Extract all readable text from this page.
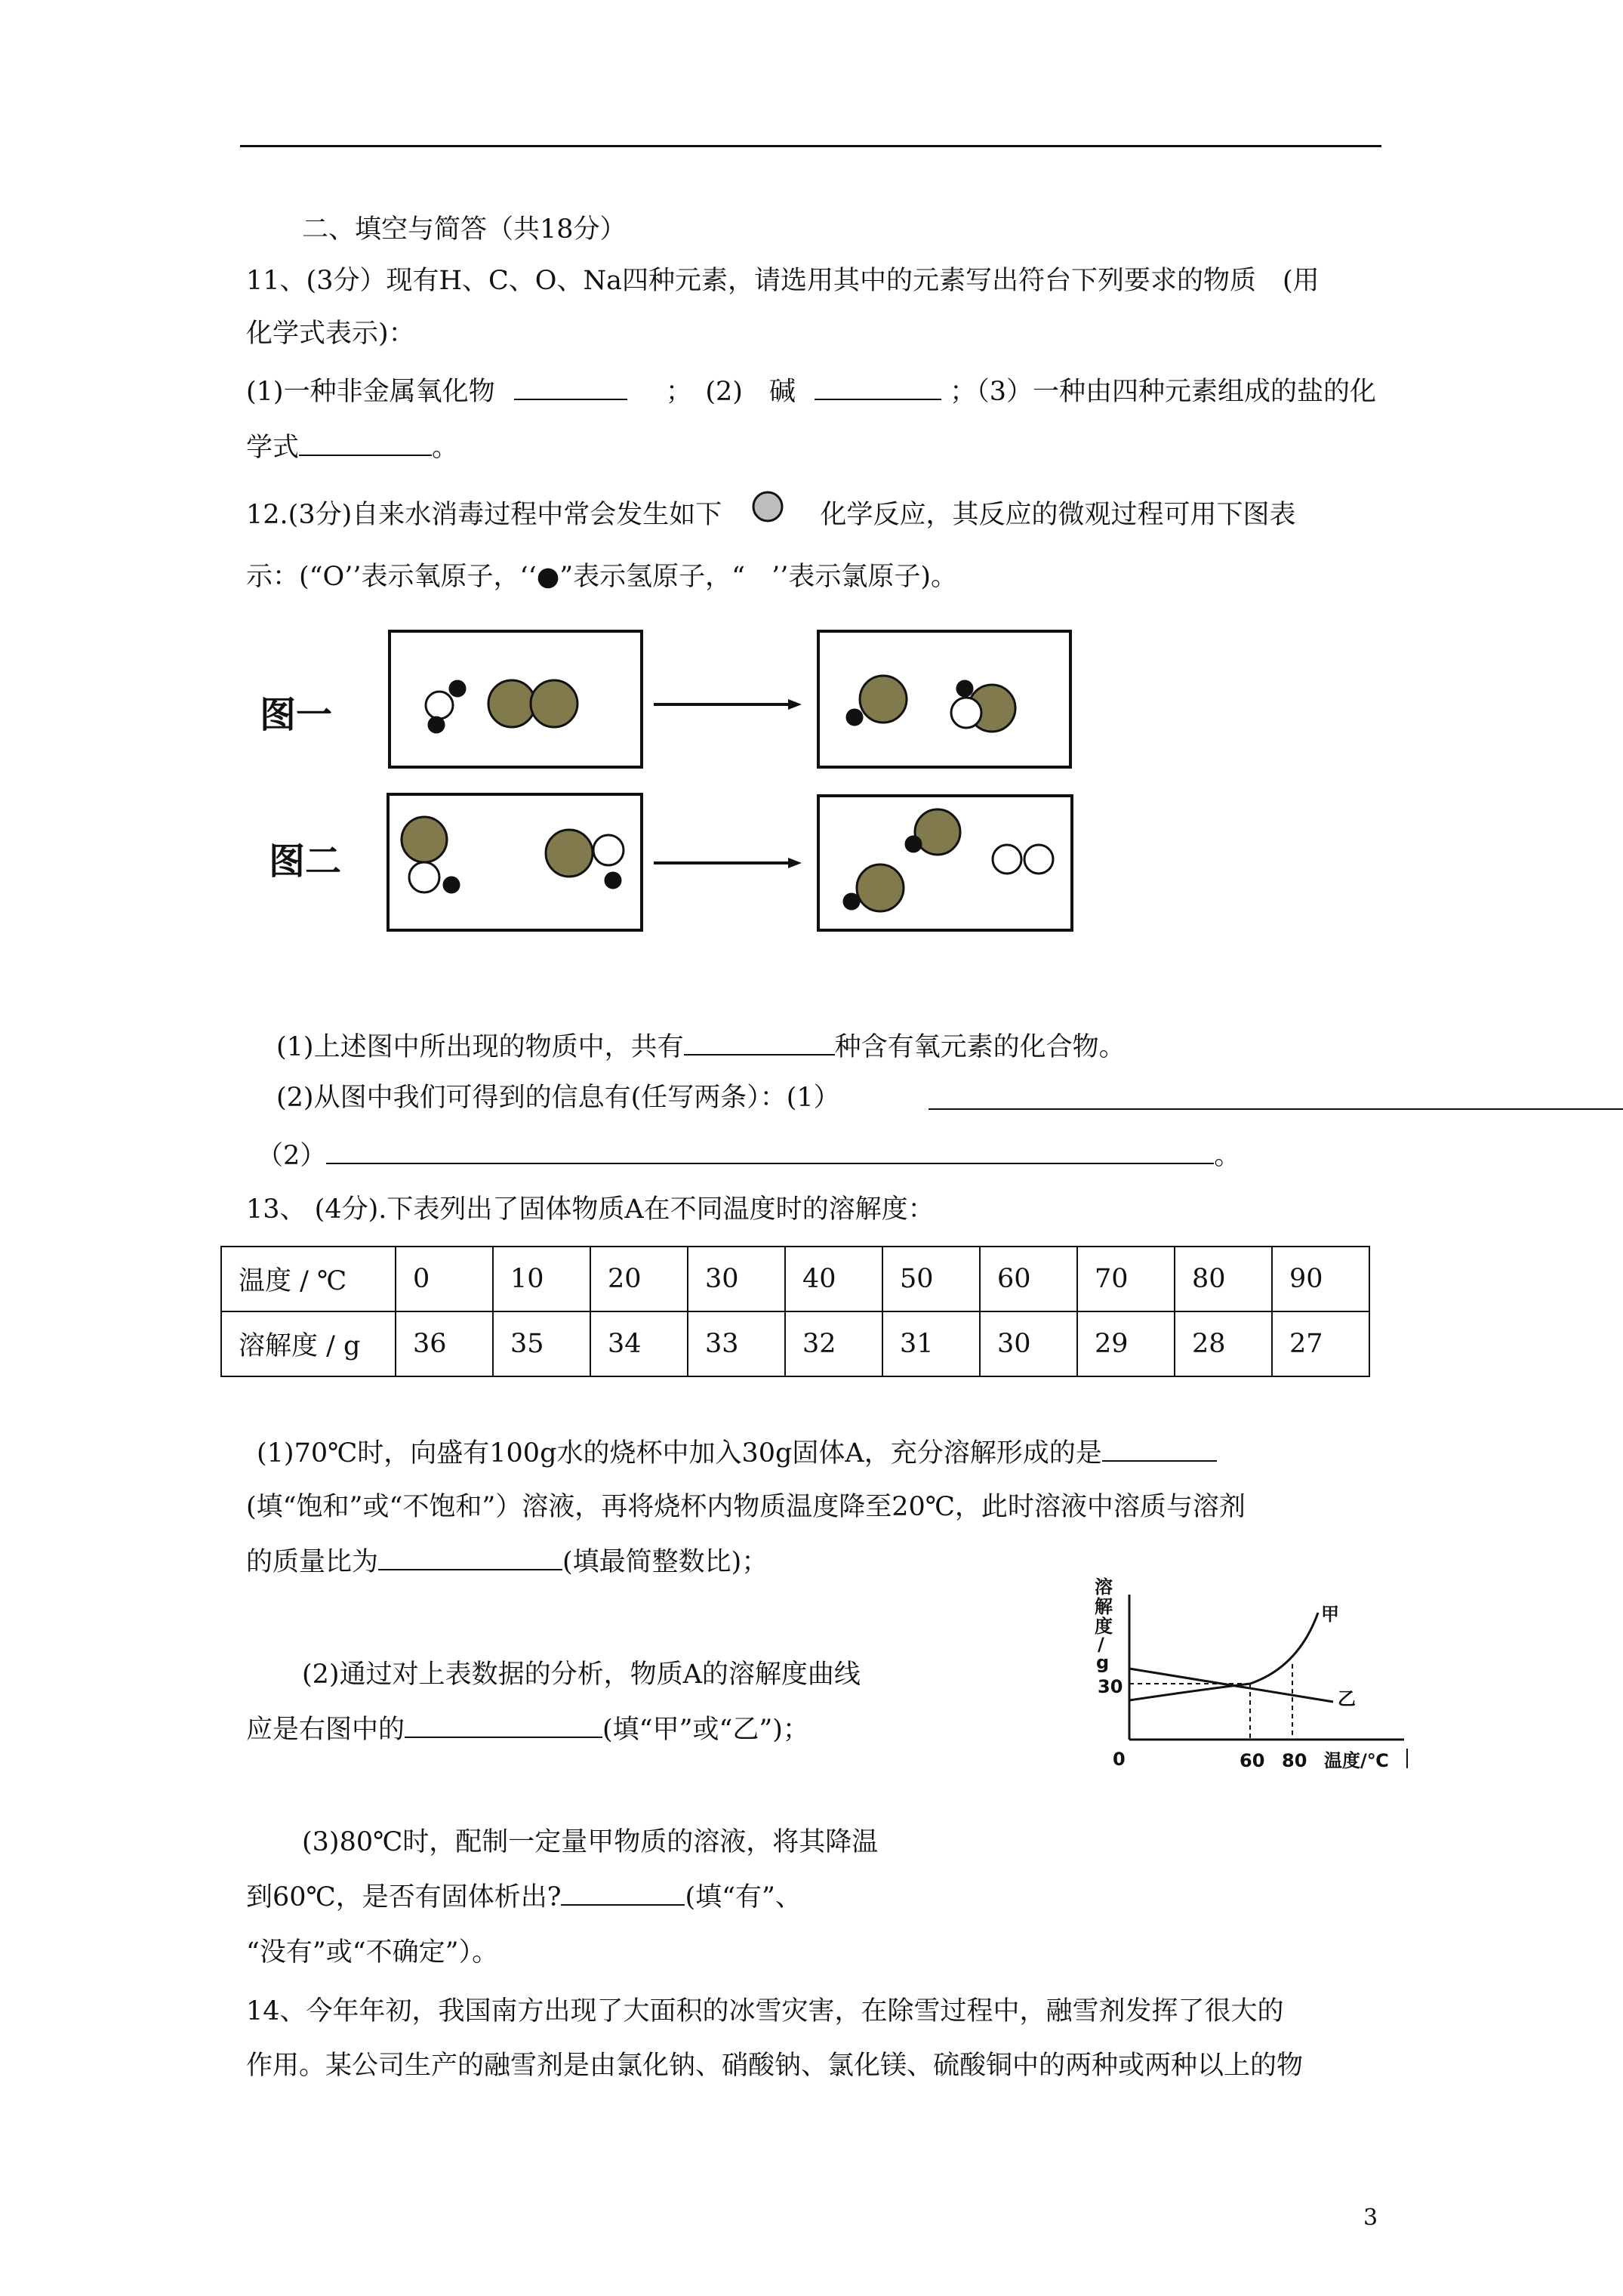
二、填空与简答（共18分）
11、(3分）现有H、C、O、Na四种元素，请选用其中的元素写出符台下列要求的物质　(用
化学式表示)：
(1)一种非金属氧化物	；　(2)　碱	；（3）一种由四种元素组成的盐的化
学式	。
12.(3分)自来水消毒过程中常会发生如下	化学反应，其反应的微观过程可用下图表
示：(“O’’表示氧原子，‘‘●”表示氢原子，“　’’表示氯原子)。
图一
图二
(1)上述图中所出现的物质中，共有	种含有氧元素的化合物。
(2)从图中我们可得到的信息有(任写两条）：(1）
（2）	。
13、 (4分).下表列出了固体物质A在不同温度时的溶解度：
温度 / ℃	0	10	20	30	40	50	60	70	80	90
溶解度 / g	36	35	34	33	32	31	30	29	28	27
(1)70℃时，向盛有100g水的烧杯中加入30g固体A，充分溶解形成的是
(填“饱和”或“不饱和”）溶液，再将烧杯内物质温度降至20℃，此时溶液中溶质与溶剂
的质量比为	(填最简整数比)；
(2)通过对上表数据的分析，物质A的溶解度曲线
应是右图中的	(填“甲”或“乙”)；
(3)80℃时，配制一定量甲物质的溶液，将其降温
到60℃，是否有固体析出?	(填“有”、
“没有”或“不确定”）。
溶
解
度
/
g
30
0	60 80 温度/℃
甲
乙
14、今年年初，我国南方出现了大面积的冰雪灾害，在除雪过程中，融雪剂发挥了很大的
作用。某公司生产的融雪剂是由氯化钠、硝酸钠、氯化镁、硫酸铜中的两种或两种以上的物
3
